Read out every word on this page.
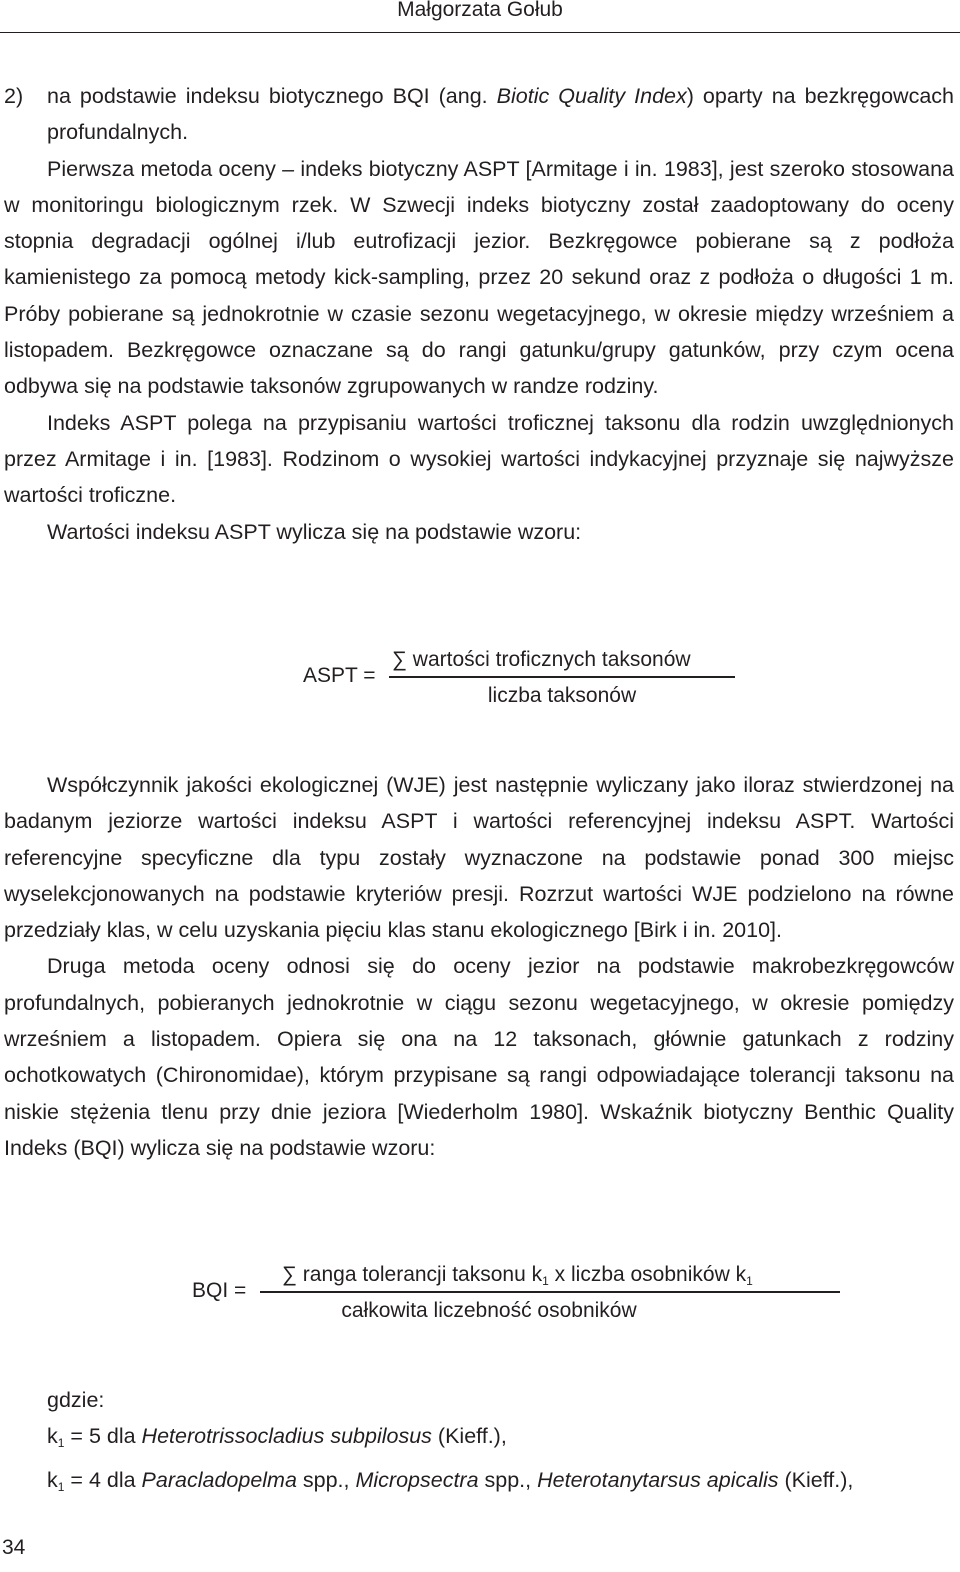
Małgorzata Gołub

2) na podstawie indeksu biotycznego BQI (ang. Biotic Quality Index) oparty na bezkręgowcach profundalnych.

Pierwsza metoda oceny – indeks biotyczny ASPT [Armitage i in. 1983], jest szeroko stosowana w monitoringu biologicznym rzek. W Szwecji indeks biotyczny został zaadoptowany do oceny stopnia degradacji ogólnej i/lub eutrofizacji jezior. Bezkręgowce pobierane są z podłoża kamienistego za pomocą metody kick-sampling, przez 20 sekund oraz z podłoża o długości 1 m. Próby pobierane są jednokrotnie w czasie sezonu wegetacyjnego, w okresie między wrześniem a listopadem. Bezkręgowce oznaczane są do rangi gatunku/grupy gatunków, przy czym ocena odbywa się na podstawie taksonów zgrupowanych w randze rodziny.

Indeks ASPT polega na przypisaniu wartości troficznej taksonu dla rodzin uwzględnionych przez Armitage i in. [1983]. Rodzinom o wysokiej wartości indykacyjnej przyznaje się najwyższe wartości troficzne.

Wartości indeksu ASPT wylicza się na podstawie wzoru:

ASPT =
∑ wartości troficznych taksonów
liczba taksonów

Współczynnik jakości ekologicznej (WJE) jest następnie wyliczany jako iloraz stwierdzonej na badanym jeziorze wartości indeksu ASPT i wartości referencyjnej indeksu ASPT. Wartości referencyjne specyficzne dla typu zostały wyznaczone na podstawie ponad 300 miejsc wyselekcjonowanych na podstawie kryteriów presji. Rozrzut wartości WJE podzielono na równe przedziały klas, w celu uzyskania pięciu klas stanu ekologicznego [Birk i in. 2010].

Druga metoda oceny odnosi się do oceny jezior na podstawie makrobezkręgowców profundalnych, pobieranych jednokrotnie w ciągu sezonu wegetacyjnego, w okresie pomiędzy wrześniem a listopadem. Opiera się ona na 12 taksonach, głównie gatunkach z rodziny ochotkowatych (Chironomidae), którym przypisane są rangi odpowiadające tolerancji taksonu na niskie stężenia tlenu przy dnie jeziora [Wiederholm 1980]. Wskaźnik biotyczny Benthic Quality Indeks (BQI) wylicza się na podstawie wzoru:

BQI =
∑ ranga tolerancji taksonu $k_1$ x liczba osobników $k_1$
całkowita liczebność osobników

gdzie:

$k_1 = 5$ dla Heterotrissocladius subpilosus (Kieff.),

$k_1 = 4$ dla Paracladopelma spp., Micropsectra spp., Heterotanytarsus apicalis (Kieff.),

34
